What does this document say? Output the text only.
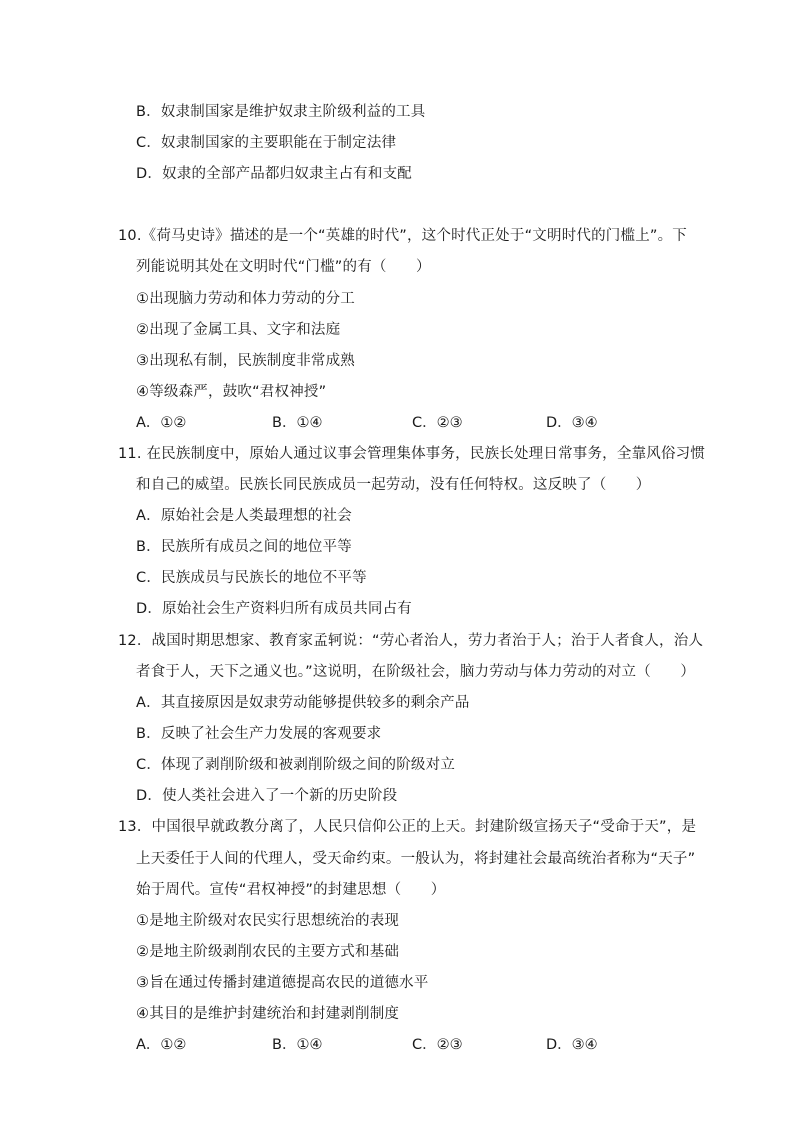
B．奴隶制国家是维护奴隶主阶级利益的工具
C．奴隶制国家的主要职能在于制定法律
D．奴隶的全部产品都归奴隶主占有和支配
10.《荷马史诗》描述的是一个“英雄的时代”，这个时代正处于“文明时代的门槛上”。下
列能说明其处在文明时代“门槛”的有（　　）
①出现脑力劳动和体力劳动的分工
②出现了金属工具、文字和法庭
③出现私有制，民族制度非常成熟
④等级森严，鼓吹“君权神授”
A．①②	B．①④	C．②③	D．③④
11. 在民族制度中，原始人通过议事会管理集体事务，民族长处理日常事务，全靠风俗习惯
和自己的威望。民族长同民族成员一起劳动，没有任何特权。这反映了（　　）
A．原始社会是人类最理想的社会
B．民族所有成员之间的地位平等
C．民族成员与民族长的地位不平等
D．原始社会生产资料归所有成员共同占有
12．战国时期思想家、教育家孟轲说：“劳心者治人，劳力者治于人；治于人者食人，治人
者食于人，天下之通义也。”这说明，在阶级社会，脑力劳动与体力劳动的对立（　　）
A．其直接原因是奴隶劳动能够提供较多的剩余产品
B．反映了社会生产力发展的客观要求
C．体现了剥削阶级和被剥削阶级之间的阶级对立
D．使人类社会进入了一个新的历史阶段
13．中国很早就政教分离了，人民只信仰公正的上天。封建阶级宣扬天子“受命于天”，是
上天委任于人间的代理人，受天命约束。一般认为，将封建社会最高统治者称为“天子”
始于周代。宣传“君权神授”的封建思想（　　）
①是地主阶级对农民实行思想统治的表现
②是地主阶级剥削农民的主要方式和基础
③旨在通过传播封建道德提高农民的道德水平
④其目的是维护封建统治和封建剥削制度
A．①②	B．①④	C．②③	D．③④
